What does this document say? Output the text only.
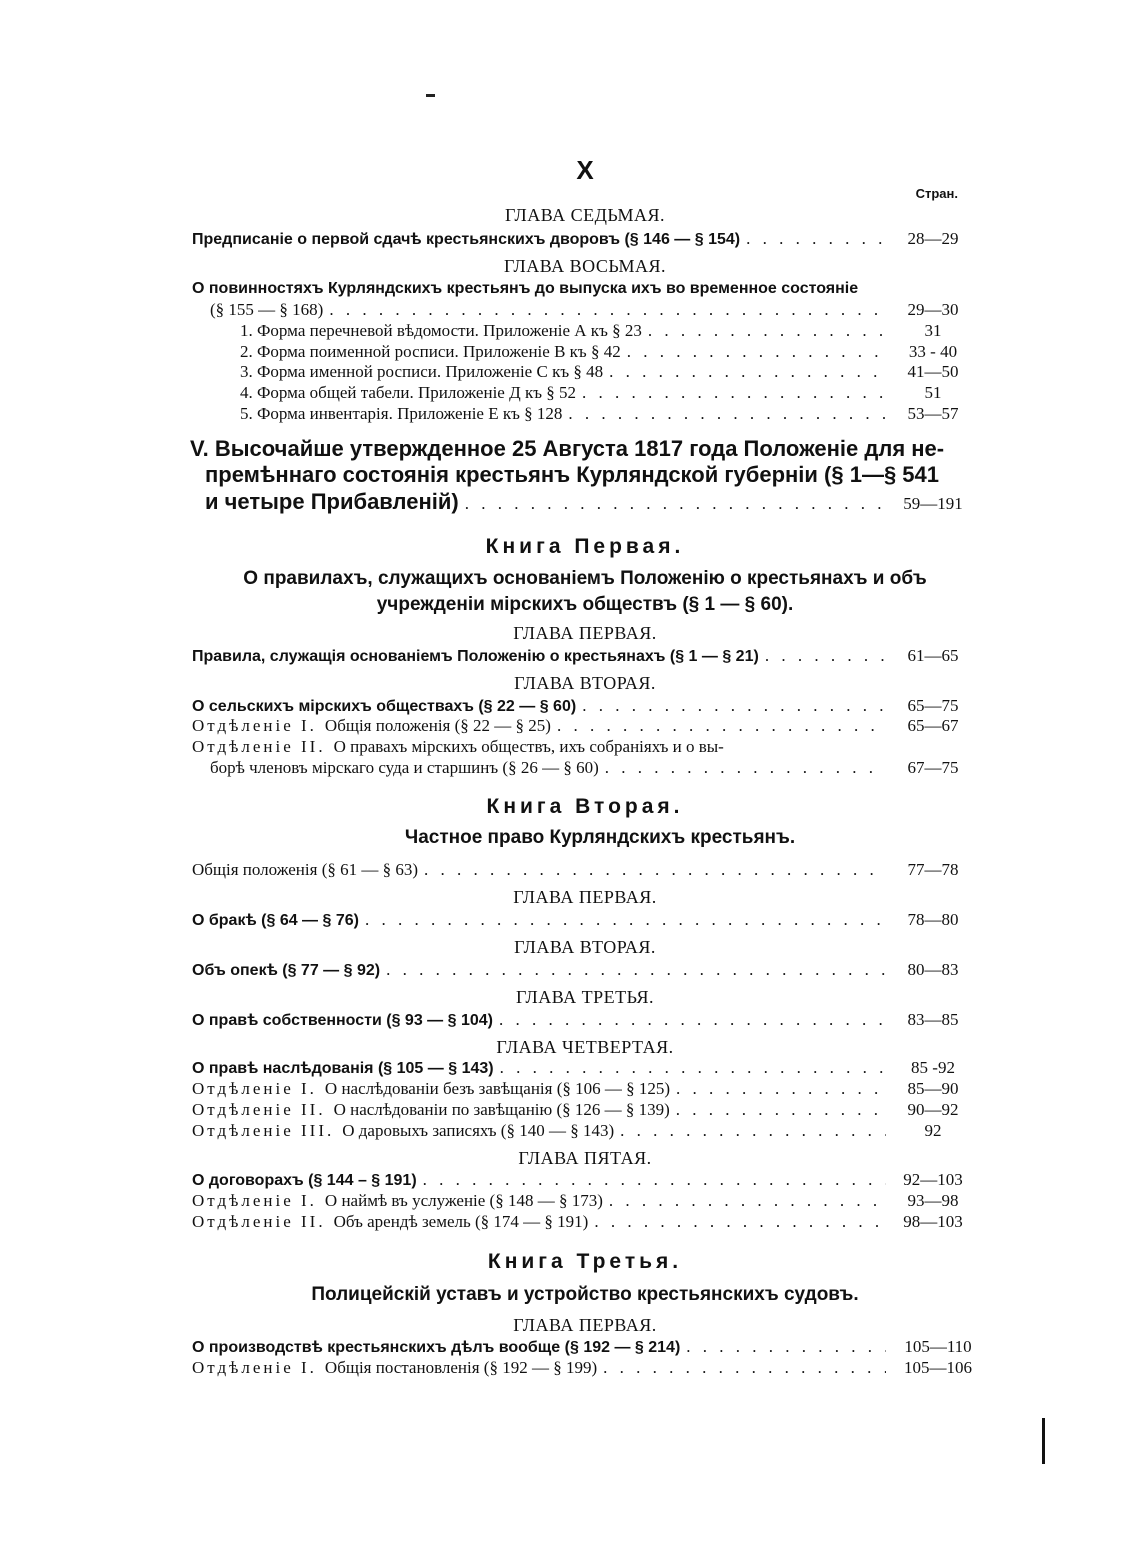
X
Стран.
ГЛАВА СЕДЬМАЯ.
Предписаніе о первой сдачѣ крестьянскихъ дворовъ (§ 146 — § 154) . . .	28—29
ГЛАВА ВОСЬМАЯ.
О повинностяхъ Курляндскихъ крестьянъ до выпуска ихъ во временное состояніе
(§ 155 — § 168) . . .	29—30
1. Форма перечневой вѣдомости. Приложеніе А къ § 23 . . .	31
2. Форма поименной росписи. Приложеніе В къ § 42 . . .	33 - 40
3. Форма именной росписи. Приложеніе С къ § 48 . . .	41—50
4. Форма общей табели. Приложеніе Д къ § 52 . . .	51
5. Форма инвентарія. Приложеніе Е къ § 128 . . .	53—57
V. Высочайше утвержденное 25 Августа 1817 года Положеніе для не-
премѣннаго состоянія крестьянъ Курляндской губерніи (§ 1—§ 541
и четыре Прибавленій) . . .	59—191
Книга Первая.
О правилахъ, служащихъ основаніемъ Положенію о крестьянахъ и объ
учрежденіи мірскихъ обществъ (§ 1 — § 60).
ГЛАВА ПЕРВАЯ.
Правила, служащія основаніемъ Положенію о крестьянахъ (§ 1 — § 21) . . .	61—65
ГЛАВА ВТОРАЯ.
О сельскихъ мірскихъ обществахъ (§ 22 — § 60) . . .	65—75
Отдѣленіе I. Общія положенія (§ 22 — § 25) . . .	65—67
Отдѣленіе II. О правахъ мірскихъ обществъ, ихъ собраніяхъ и о вы-
борѣ членовъ мірскаго суда и старшинъ (§ 26 — § 60) . . .	67—75
Книга Вторая.
Частное право Курляндскихъ крестьянъ.
Общія положенія (§ 61 — § 63) . . .	77—78
ГЛАВА ПЕРВАЯ.
О бракѣ (§ 64 — § 76) . . .	78—80
ГЛАВА ВТОРАЯ.
Объ опекѣ (§ 77 — § 92) . . .	80—83
ГЛАВА ТРЕТЬЯ.
О правѣ собственности (§ 93 — § 104) . . .	83—85
ГЛАВА ЧЕТВЕРТАЯ.
О правѣ наслѣдованія (§ 105 — § 143) . . .	85 -92
Отдѣленіе I. О наслѣдованіи безъ завѣщанія (§ 106 — § 125) . . .	85—90
Отдѣленіе II. О наслѣдованіи по завѣщанію (§ 126 — § 139) . . .	90—92
Отдѣленіе III. О даровыхъ записяхъ (§ 140 — § 143) . . .	92
ГЛАВА ПЯТАЯ.
О договорахъ (§ 144 – § 191) . . .	92—103
Отдѣленіе I. О наймѣ въ услуженіе (§ 148 — § 173) . . .	93—98
Отдѣленіе II. Объ арендѣ земель (§ 174 — § 191) . . .	98—103
Книга Третья.
Полицейскій уставъ и устройство крестьянскихъ судовъ.
ГЛАВА ПЕРВАЯ.
О производствѣ крестьянскихъ дѣлъ вообще (§ 192 — § 214) . . .	105—110
Отдѣленіе I. Общія постановленія (§ 192 — § 199) . . .	105—106
